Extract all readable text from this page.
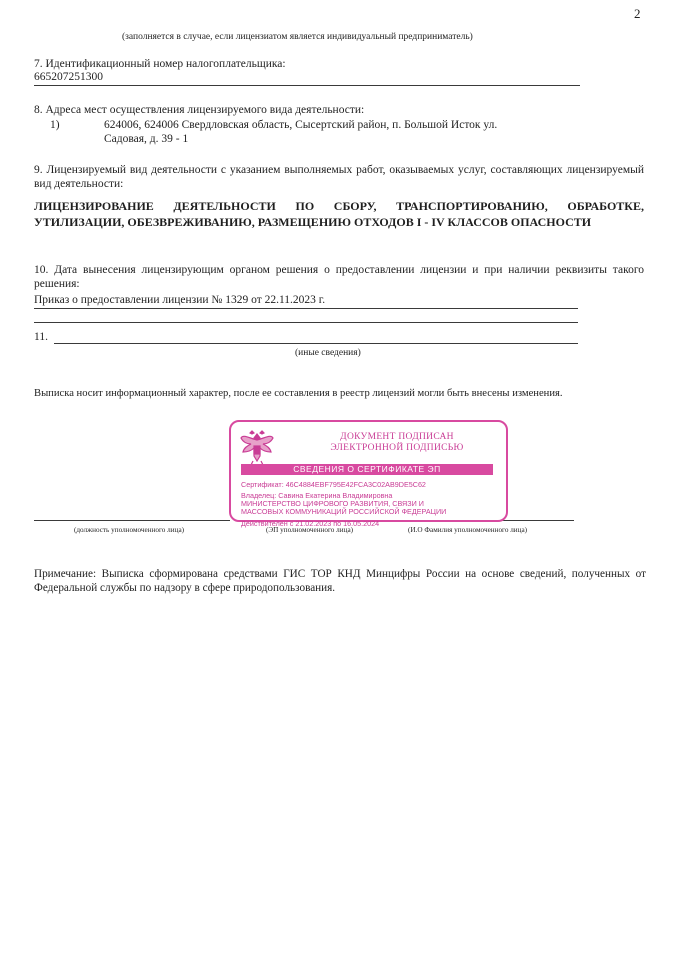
2
(заполняется в случае, если лицензиатом является индивидуальный предприниматель)
7. Идентификационный номер налогоплательщика:
665207251300
8. Адреса мест осуществления лицензируемого вида деятельности:
1)	624006, 624006 Свердловская область, Сысертский район, п. Большой Исток ул.
Садовая, д. 39 - 1
9. Лицензируемый вид деятельности с указанием выполняемых работ, оказываемых услуг, составляющих лицензируемый вид деятельности:
ЛИЦЕНЗИРОВАНИЕ ДЕЯТЕЛЬНОСТИ ПО СБОРУ, ТРАНСПОРТИРОВАНИЮ, ОБРАБОТКЕ, УТИЛИЗАЦИИ, ОБЕЗВРЕЖИВАНИЮ, РАЗМЕЩЕНИЮ ОТХОДОВ I - IV КЛАССОВ ОПАСНОСТИ
10. Дата вынесения лицензирующим органом решения о предоставлении лицензии и при наличии реквизиты такого решения:
Приказ о предоставлении лицензии № 1329 от 22.11.2023 г.
11.
(иные сведения)
Выписка носит информационный характер, после ее составления в реестр лицензий могли быть внесены изменения.
(должность уполномоченного лица)	(ЭП уполномоченного лица)	(И.О Фамилия уполномоченного лица)
ДОКУМЕНТ ПОДПИСАН
ЭЛЕКТРОННОЙ ПОДПИСЬЮ
СВЕДЕНИЯ О СЕРТИФИКАТЕ ЭП
Сертификат: 46C4884EBF795E42FCA3C02AB9DE5C62
Владелец: Савина Екатерина Владимировна
МИНИСТЕРСТВО ЦИФРОВОГО РАЗВИТИЯ, СВЯЗИ И
МАССОВЫХ КОММУНИКАЦИЙ РОССИЙСКОЙ ФЕДЕРАЦИИ
Действителен с 21.02.2023 по 16.05.2024
Примечание: Выписка сформирована средствами ГИС ТОР КНД Минцифры России на основе сведений, полученных от Федеральной службы по надзору в сфере природопользования.
